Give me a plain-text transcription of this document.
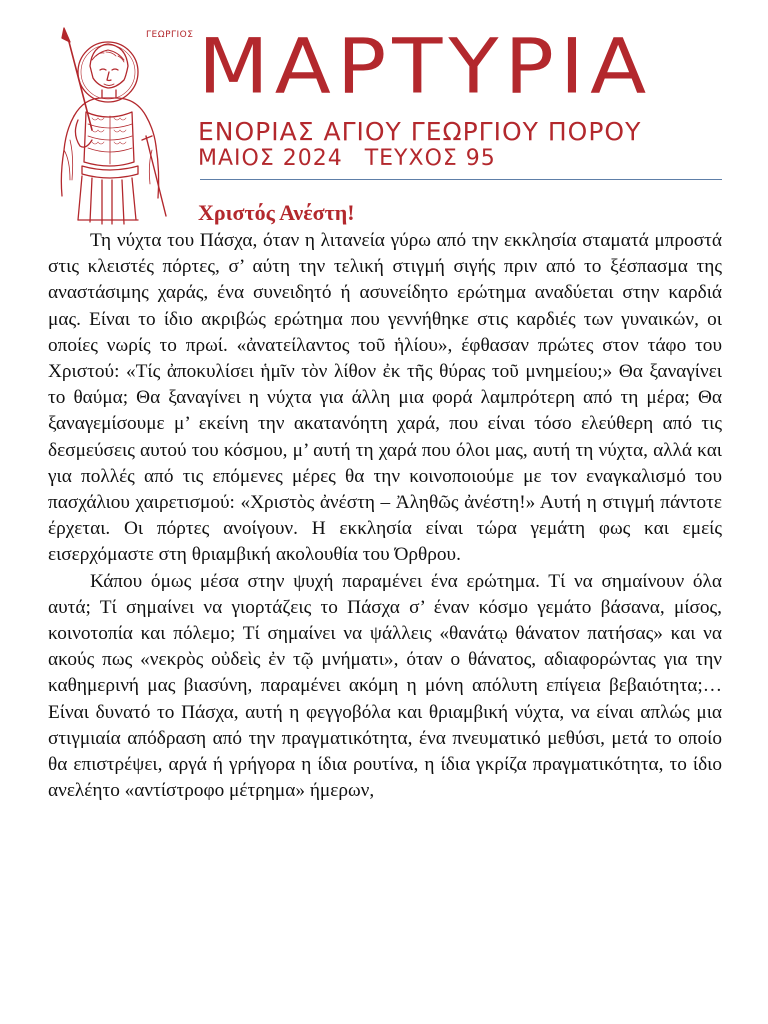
ΓΕΩΡΓΙΟΣ ΜΑΡΤΥΡΙΑ
ΕΝΟΡΙΑΣ ΑΓΙΟΥ ΓΕΩΡΓΙΟΥ ΠΟΡΟΥ
ΜΑΙΟΣ 2024 ΤΕΥΧΟΣ 95
Χριστός Ανέστη!

Τη νύχτα του Πάσχα, όταν η λιτανεία γύρω από την εκκλησία σταματά μπροστά στις κλειστές πόρτες, σ’ αύτη την τελική στιγμή σιγής πριν από το ξέσπασμα της αναστάσιμης χαράς, ένα συνειδητό ή ασυνείδητο ερώτημα αναδύεται στην καρδιά μας. Είναι το ίδιο ακριβώς ερώτημα που γεννήθηκε στις καρδιές των γυναικών, οι οποίες νωρίς το πρωί. «ἀνατείλαντος τοῦ ἡλίου», έφθασαν πρώτες στον τάφο του Χριστού: «Τίς ἀποκυλίσει ἡμῖν τὸν λίθον ἐκ τῆς θύρας τοῦ μνημείου;» Θα ξαναγίνει το θαύμα; Θα ξαναγίνει η νύχτα για άλλη μια φορά λαμπρότερη από τη μέρα; Θα ξαναγεμίσουμε μ’ εκείνη την ακατανόητη χαρά, που είναι τόσο ελεύθερη από τις δεσμεύσεις αυτού του κόσμου, μ’ αυτή τη χαρά που όλοι μας, αυτή τη νύχτα, αλλά και για πολλές από τις επόμενες μέρες θα την κοινοποιούμε με τον εναγκαλισμό του πασχάλιου χαιρετισμού: «Χριστὸς ἀνέστη – Ἀληθῶς ἀνέστη!» Αυτή η στιγμή πάντοτε έρχεται. Οι πόρτες ανοίγουν. Η εκκλησία είναι τώρα γεμάτη φως και εμείς εισερχόμαστε στη θριαμβική ακολουθία του Όρθρου.

Κάπου όμως μέσα στην ψυχή παραμένει ένα ερώτημα. Τί να σημαίνουν όλα αυτά; Τί σημαίνει να γιορτάζεις το Πάσχα σ’ έναν κόσμο γεμάτο βάσανα, μίσος, κοινοτοπία και πόλεμο; Τί σημαίνει να ψάλλεις «θανάτῳ θάνατον πατήσας» και να ακούς πως «νεκρὸς οὐδεὶς ἐν τῷ μνήματι», όταν ο θάνατος, αδιαφορώντας για την καθημερινή μας βιασύνη, παραμένει ακόμη η μόνη απόλυτη επίγεια βεβαιότητα;… Είναι δυνατό το Πάσχα, αυτή η φεγγοβόλα και θριαμβική νύχτα, να είναι απλώς μια στιγμιαία απόδραση από την πραγματικότητα, ένα πνευματικό μεθύσι, μετά το οποίο θα επιστρέψει, αργά ή γρήγορα η ίδια ρουτίνα, η ίδια γκρίζα πραγματικότητα, το ίδιο ανελέητο «αντίστροφο μέτρημα» ήμερων,
